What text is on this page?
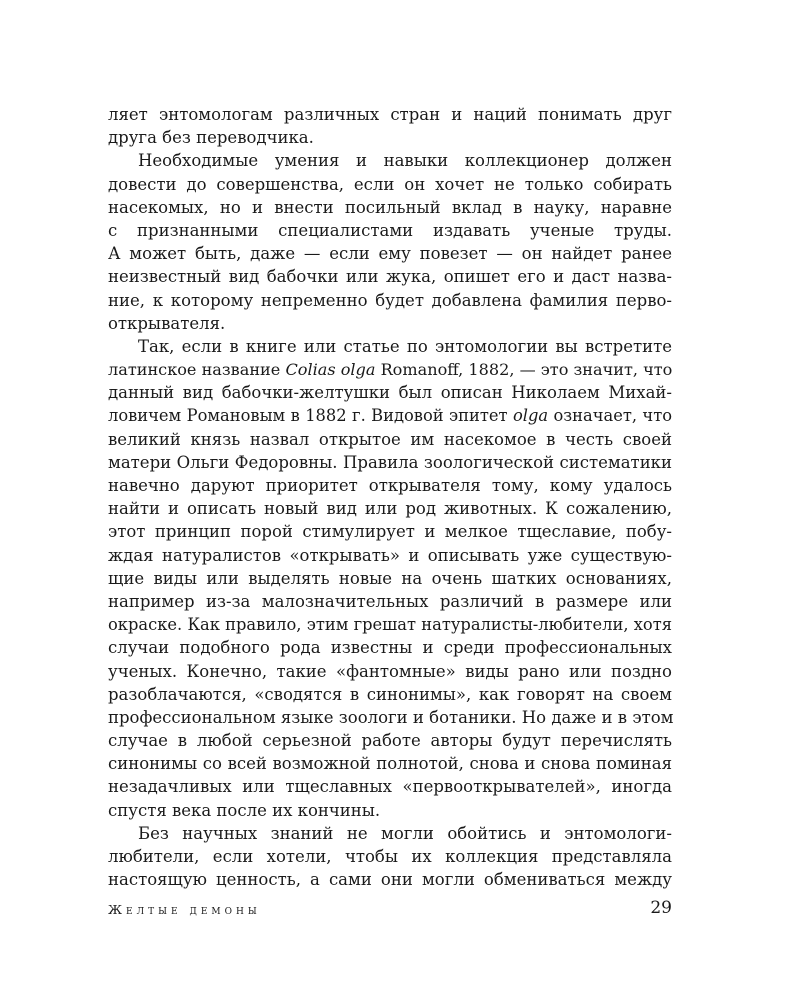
ляет энтомологам различных стран и наций понимать друг
друга без переводчика.
Необходимые умения и навыки коллекционер должен
довести до совершенства, если он хочет не только собирать
насекомых, но и внести посильный вклад в науку, наравне
с признанными специалистами издавать ученые труды.
А может быть, даже — если ему повезет — он найдет ранее
неизвестный вид бабочки или жука, опишет его и даст назва-
ние, к которому непременно будет добавлена фамилия перво-
открывателя.
Так, если в книге или статье по энтомологии вы встретите
латинское название Colias olga Romanoff, 1882, — это значит, что
данный вид бабочки-желтушки был описан Николаем Михай-
ловичем Романовым в 1882 г. Видовой эпитет olga означает, что
великий князь назвал открытое им насекомое в честь своей
матери Ольги Федоровны. Правила зоологической систематики
навечно даруют приоритет открывателя тому, кому удалось
найти и описать новый вид или род животных. К сожалению,
этот принцип порой стимулирует и мелкое тщеславие, побу-
ждая натуралистов «открывать» и описывать уже существую-
щие виды или выделять новые на очень шатких основаниях,
например из-за малозначительных различий в размере или
окраске. Как правило, этим грешат натуралисты-любители, хотя
случаи подобного рода известны и среди профессиональных
ученых. Конечно, такие «фантомные» виды рано или поздно
разоблачаются, «сводятся в синонимы», как говорят на своем
профессиональном языке зоологи и ботаники. Но даже и в этом
случае в любой серьезной работе авторы будут перечислять
синонимы со всей возможной полнотой, снова и снова поминая
незадачливых или тщеславных «первооткрывателей», иногда
спустя века после их кончины.
Без научных знаний не могли обойтись и энтомологи-
любители, если хотели, чтобы их коллекция представляла
настоящую ценность, а сами они могли обмениваться между
Желтые демоны	29
